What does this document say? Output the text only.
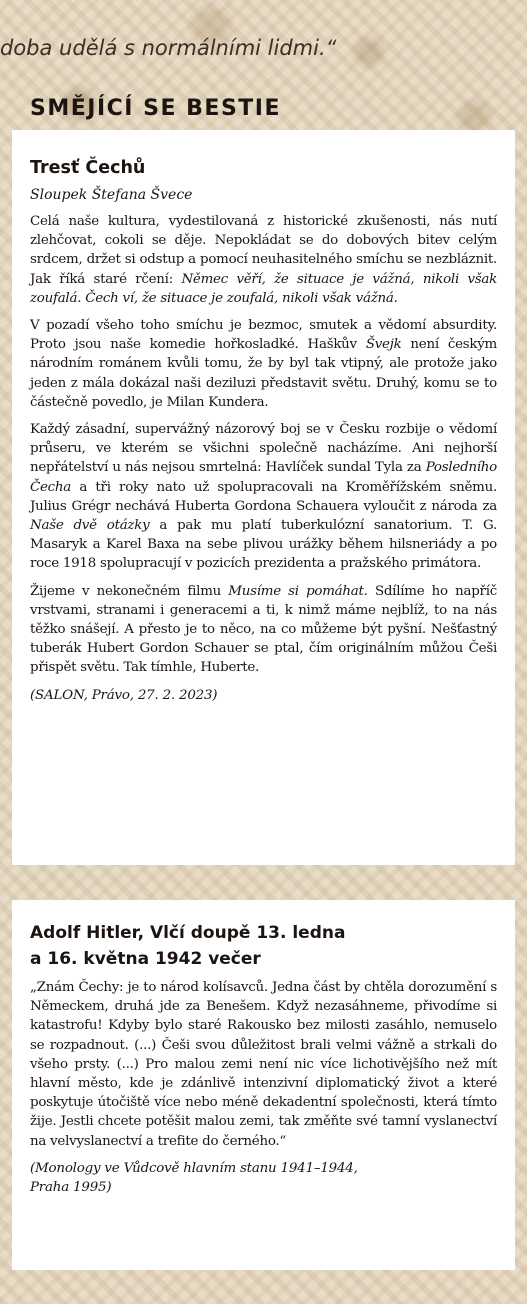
doba udělá s normálními lidmi.“
SMĚJÍCÍ SE BESTIE
Tresť Čechů
Sloupek Štefana Švece

Celá naše kultura, vydestilovaná z historické zkušenosti, nás nutí zlehčovat, cokoli se děje. Nepokládat se do dobových bitev celým srdcem, držet si odstup a pomocí neuhasitelného smíchu se nezbláznit. Jak říká staré rčení: Němec věří, že situace je vážná, nikoli však zoufalá. Čech ví, že situace je zoufalá, nikoli však vážná.

V pozadí všeho toho smíchu je bezmoc, smutek a vědomí absurdity. Proto jsou naše komedie hořkosladké. Haškův Švejk není českým národním románem kvůli tomu, že by byl tak vtipný, ale protože jako jeden z mála dokázal naši deziluzi představit světu. Druhý, komu se to částečně povedlo, je Milan Kundera.

Každý zásadní, supervážný názorový boj se v Česku rozbije o vědomí průseru, ve kterém se všichni společně nacházíme. Ani nejhorší nepřátelství u nás nejsou smrtelná: Havlíček sundal Tyla za Posledního Čecha a tři roky nato už spolupracovali na Kroměřížském sněmu. Julius Grégr nechává Huberta Gordona Schauera vyloučit z národa za Naše dvě otázky a pak mu platí tuberkulózní sanatorium. T. G. Masaryk a Karel Baxa na sebe plivou urážky během hilsneriády a po roce 1918 spolupracují v pozicích prezidenta a pražského primátora.

Žijeme v nekonečném filmu Musíme si pomáhat. Sdílíme ho napříč vrstvami, stranami i generacemi a ti, k nimž máme nejblíž, to na nás těžko snášejí. A přesto je to něco, na co můžeme být pyšní. Nešťastný tuberák Hubert Gordon Schauer se ptal, čím originálním můžou Češi přispět světu. Tak tímhle, Huberte.

(SALON, Právo, 27. 2. 2023)
Adolf Hitler, Vlčí doupě 13. ledna
a 16. května 1942 večer

„Znám Čechy: je to národ kolísavců. Jedna část by chtěla dorozumění s Německem, druhá jde za Benešem. Když nezasáhneme, přivodíme si katastrofu! Kdyby bylo staré Rakousko bez milosti zasáhlo, nemuselo se rozpadnout. (...) Češi svou důležitost brali velmi vážně a strkali do všeho prsty. (...) Pro malou zemi není nic více lichotivějšího než mít hlavní město, kde je zdánlivě intenzivní diplomatický život a které poskytuje útočiště více nebo méně dekadentní společnosti, která tímto žije. Jestli chcete potěšit malou zemi, tak změňte své tamní vyslanectví na velvyslanectví a trefite do černého.“

(Monology ve Vůdcově hlavním stanu 1941–1944,
Praha 1995)
